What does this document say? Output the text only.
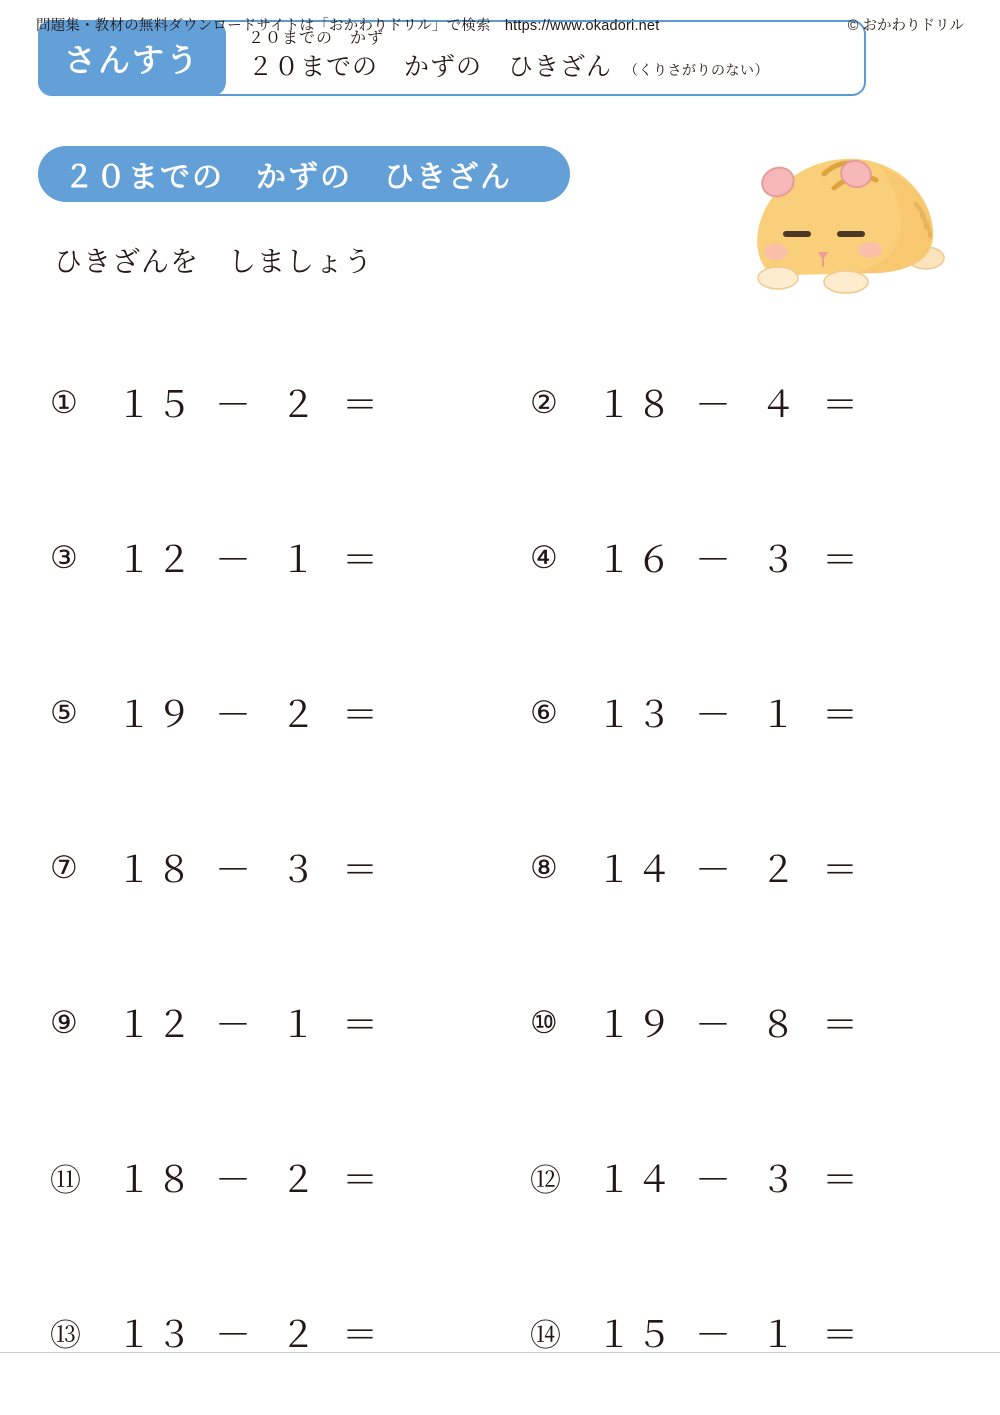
さんすう
２０までの　かず
２０までの　かずの　ひきざん （くりさがりのない）
２０までの　かずの　ひきざん
ひきざんを　しましょう
①	１５ － ２ ＝	②	１８ － ４ ＝
③	１２ － １ ＝	④	１６ － ３ ＝
⑤	１９ － ２ ＝	⑥	１３ － １ ＝
⑦	１８ － ３ ＝	⑧	１４ － ２ ＝
⑨	１２ － １ ＝	⑩	１９ － ８ ＝
⑪ １８ － ２ ＝	⑫ １４ － ３ ＝
⑬ １３ － ２ ＝	⑭ １５ － １ ＝
問題集・教材の無料ダウンロードサイトは「おかわりドリル」で検索 https://www.okadori.net	© おかわりドリル
